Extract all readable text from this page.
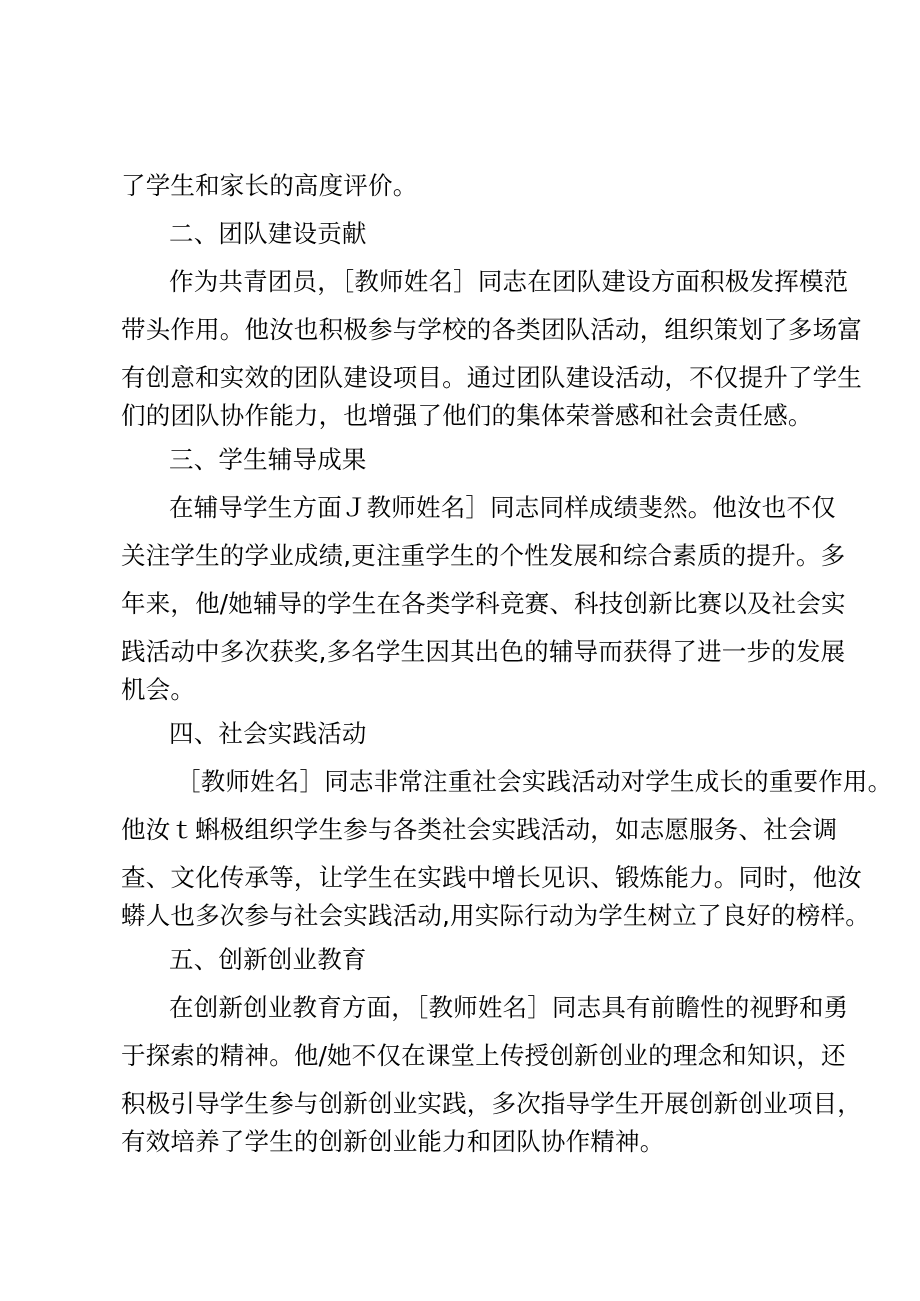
了学生和家长的高度评价。
二、团队建设贡献
作为共青团员，［教师姓名］同志在团队建设方面积极发挥模范
带头作用。他汝也积极参与学校的各类团队活动，组织策划了多场富
有创意和实效的团队建设项目。通过团队建设活动，不仅提升了学生
们的团队协作能力，也增强了他们的集体荣誉感和社会责任感。
三、学生辅导成果
在辅导学生方面Ｊ教师姓名］同志同样成绩斐然。他汝也不仅
关注学生的学业成绩,更注重学生的个性发展和综合素质的提升。多
年来，他/她辅导的学生在各类学科竞赛、科技创新比赛以及社会实
践活动中多次获奖,多名学生因其出色的辅导而获得了进一步的发展
机会。
四、社会实践活动
［教师姓名］同志非常注重社会实践活动对学生成长的重要作用。
他汝ｔ蝌极组织学生参与各类社会实践活动，如志愿服务、社会调
查、文化传承等，让学生在实践中增长见识、锻炼能力。同时，他汝
蟒人也多次参与社会实践活动,用实际行动为学生树立了良好的榜样。
五、创新创业教育
在创新创业教育方面，［教师姓名］同志具有前瞻性的视野和勇
于探索的精神。他/她不仅在课堂上传授创新创业的理念和知识，还
积极引导学生参与创新创业实践，多次指导学生开展创新创业项目，
有效培养了学生的创新创业能力和团队协作精神。
